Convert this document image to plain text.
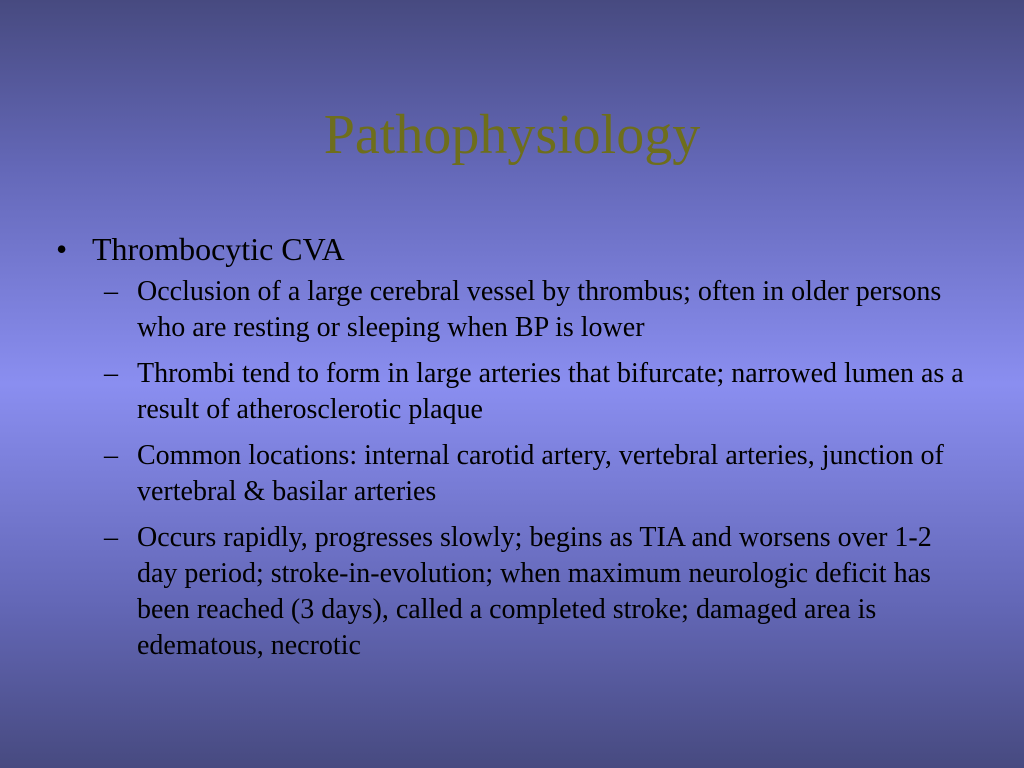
Pathophysiology
• Thrombocytic CVA
– Occlusion of a large cerebral vessel by thrombus; often in older persons who are resting or sleeping when BP is lower
– Thrombi tend to form in large arteries that bifurcate; narrowed lumen as a result of atherosclerotic plaque
– Common locations: internal carotid artery, vertebral arteries, junction of vertebral & basilar arteries
– Occurs rapidly, progresses slowly; begins as TIA and worsens over 1-2 day period; stroke-in-evolution; when maximum neurologic deficit has been reached (3 days), called a completed stroke; damaged area is edematous, necrotic
